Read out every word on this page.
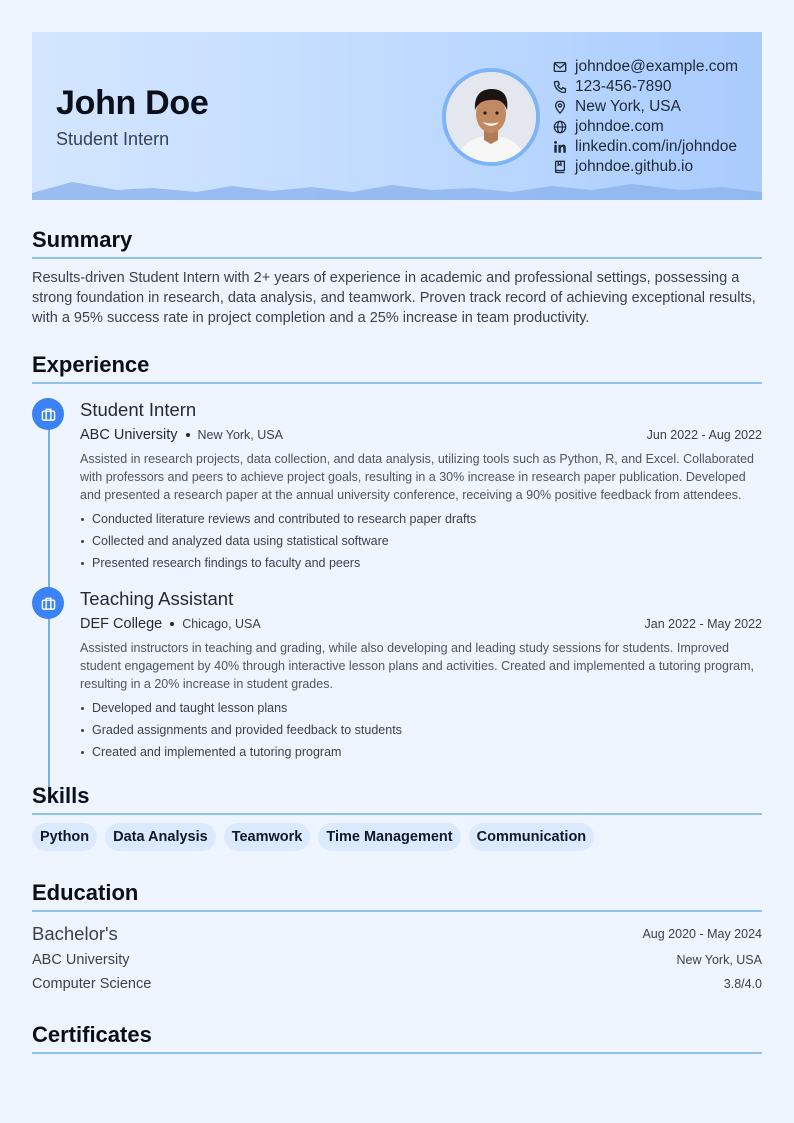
John Doe
Student Intern
johndoe@example.com
123-456-7890
New York, USA
johndoe.com
linkedin.com/in/johndoe
johndoe.github.io
Summary
Results-driven Student Intern with 2+ years of experience in academic and professional settings, possessing a strong foundation in research, data analysis, and teamwork. Proven track record of achieving exceptional results, with a 95% success rate in project completion and a 25% increase in team productivity.
Experience
Student Intern
ABC University New York, USA	Jun 2022 - Aug 2022
Assisted in research projects, data collection, and data analysis, utilizing tools such as Python, R, and Excel. Collaborated with professors and peers to achieve project goals, resulting in a 30% increase in research paper publication. Developed and presented a research paper at the annual university conference, receiving a 90% positive feedback from attendees.
Conducted literature reviews and contributed to research paper drafts
Collected and analyzed data using statistical software
Presented research findings to faculty and peers
Teaching Assistant
DEF College Chicago, USA	Jan 2022 - May 2022
Assisted instructors in teaching and grading, while also developing and leading study sessions for students. Improved student engagement by 40% through interactive lesson plans and activities. Created and implemented a tutoring program, resulting in a 20% increase in student grades.
Developed and taught lesson plans
Graded assignments and provided feedback to students
Created and implemented a tutoring program
Skills
Python	Data Analysis	Teamwork	Time Management	Communication
Education
Bachelor's	Aug 2020 - May 2024
ABC University	New York, USA
Computer Science	3.8/4.0
Certificates
